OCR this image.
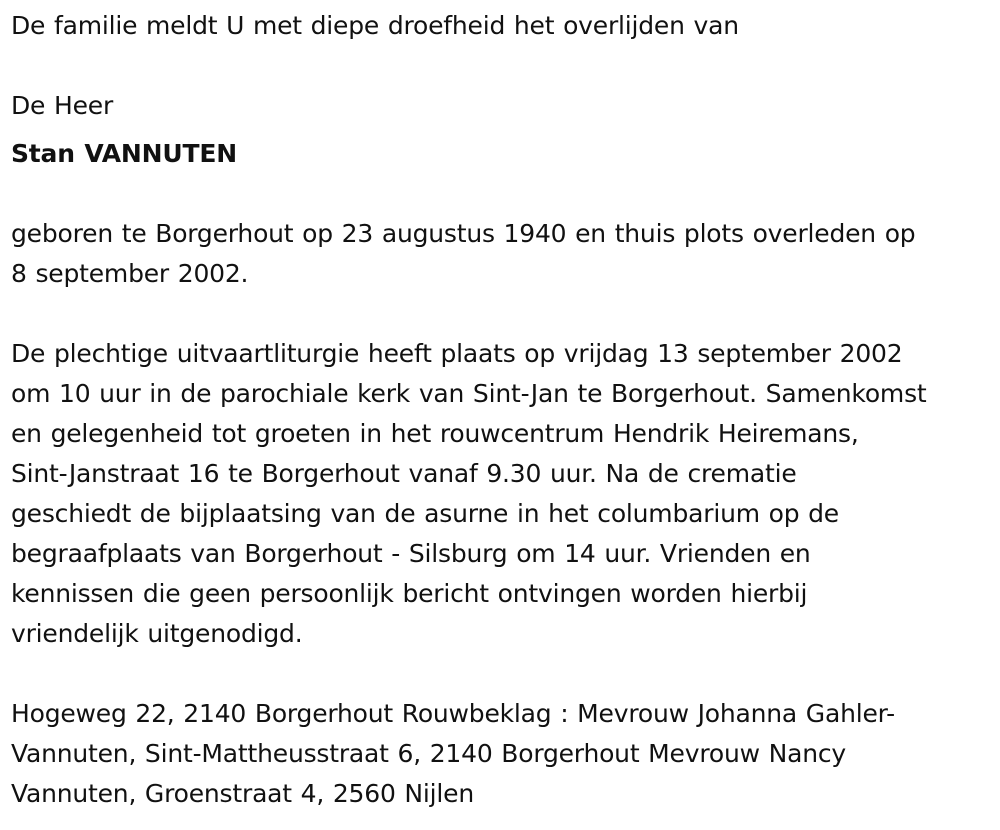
De familie meldt U met diepe droefheid het overlijden van

De Heer

Stan VANNUTEN

geboren te Borgerhout op 23 augustus 1940 en thuis plots overleden op

8 september 2002.

De plechtige uitvaartliturgie heeft plaats op vrijdag 13 september 2002

om 10 uur in de parochiale kerk van Sint-Jan te Borgerhout. Samenkomst

en gelegenheid tot groeten in het rouwcentrum Hendrik Heiremans,

Sint-Janstraat 16 te Borgerhout vanaf 9.30 uur. Na de crematie

geschiedt de bijplaatsing van de asurne in het columbarium op de

begraafplaats van Borgerhout - Silsburg om 14 uur. Vrienden en

kennissen die geen persoonlijk bericht ontvingen worden hierbij

vriendelijk uitgenodigd.

Hogeweg 22, 2140 Borgerhout Rouwbeklag : Mevrouw Johanna Gahler-

Vannuten, Sint-Mattheusstraat 6, 2140 Borgerhout Mevrouw Nancy

Vannuten, Groenstraat 4, 2560 Nijlen
